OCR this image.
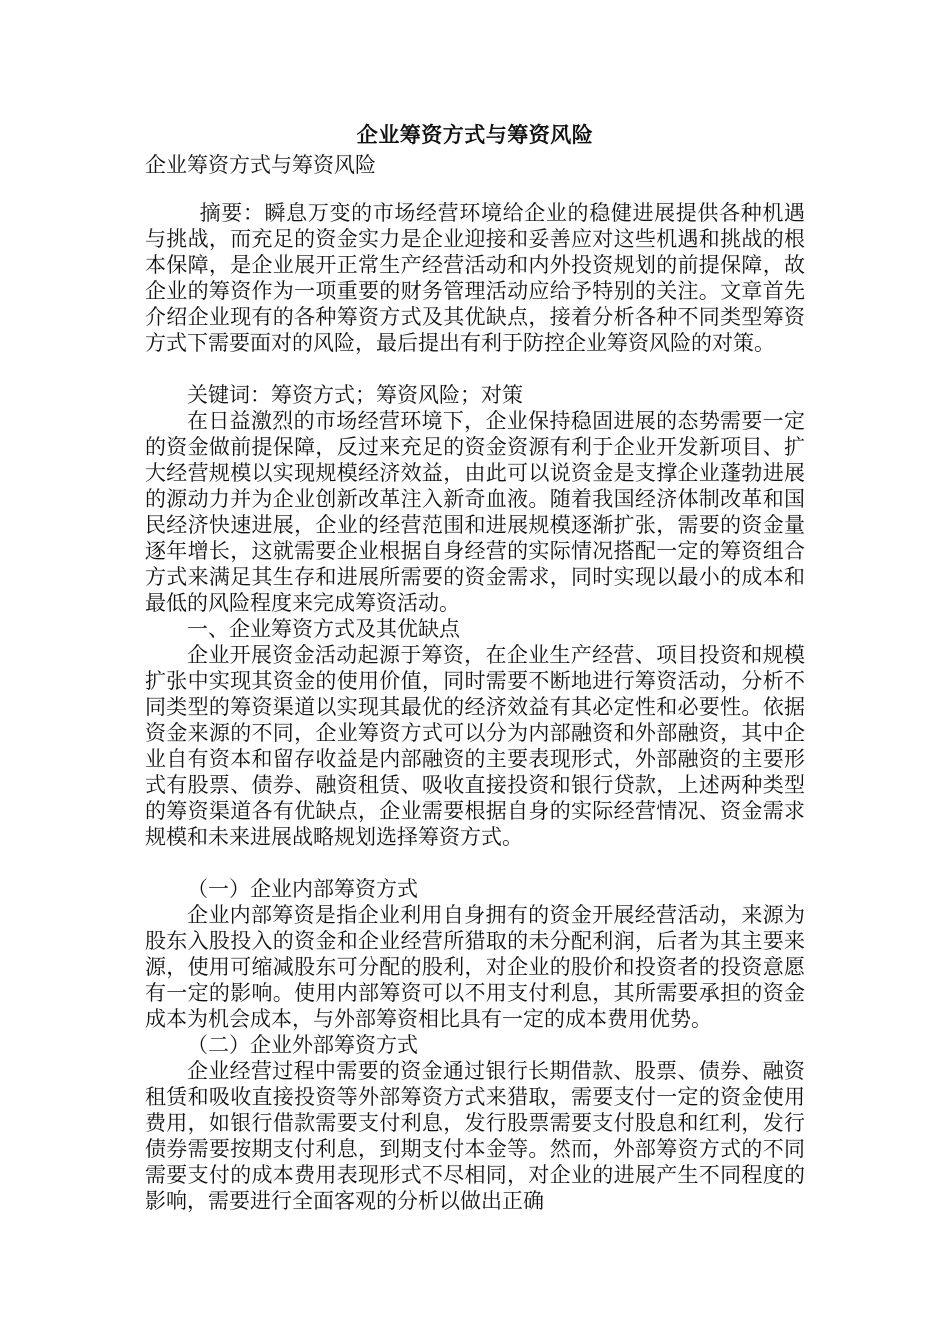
企业筹资方式与筹资风险
企业筹资方式与筹资风险

摘要：瞬息万变的市场经营环境给企业的稳健进展提供各种机遇与挑战，而充足的资金实力是企业迎接和妥善应对这些机遇和挑战的根本保障，是企业展开正常生产经营活动和内外投资规划的前提保障，故企业的筹资作为一项重要的财务管理活动应给予特别的关注。文章首先介绍企业现有的各种筹资方式及其优缺点，接着分析各种不同类型筹资方式下需要面对的风险，最后提出有利于防控企业筹资风险的对策。

关键词：筹资方式；筹资风险；对策

在日益激烈的市场经营环境下，企业保持稳固进展的态势需要一定的资金做前提保障，反过来充足的资金资源有利于企业开发新项目、扩大经营规模以实现规模经济效益，由此可以说资金是支撑企业蓬勃进展的源动力并为企业创新改革注入新奇血液。随着我国经济体制改革和国民经济快速进展，企业的经营范围和进展规模逐渐扩张，需要的资金量逐年增长，这就需要企业根据自身经营的实际情况搭配一定的筹资组合方式来满足其生存和进展所需要的资金需求，同时实现以最小的成本和最低的风险程度来完成筹资活动。

一、企业筹资方式及其优缺点

企业开展资金活动起源于筹资，在企业生产经营、项目投资和规模扩张中实现其资金的使用价值，同时需要不断地进行筹资活动，分析不同类型的筹资渠道以实现其最优的经济效益有其必定性和必要性。依据资金来源的不同，企业筹资方式可以分为内部融资和外部融资，其中企业自有资本和留存收益是内部融资的主要表现形式，外部融资的主要形式有股票、债券、融资租赁、吸收直接投资和银行贷款，上述两种类型的筹资渠道各有优缺点，企业需要根据自身的实际经营情况、资金需求规模和未来进展战略规划选择筹资方式。

（一）企业内部筹资方式

企业内部筹资是指企业利用自身拥有的资金开展经营活动，来源为股东入股投入的资金和企业经营所猎取的未分配利润，后者为其主要来源，使用可缩减股东可分配的股利，对企业的股价和投资者的投资意愿有一定的影响。使用内部筹资可以不用支付利息，其所需要承担的资金成本为机会成本，与外部筹资相比具有一定的成本费用优势。

（二）企业外部筹资方式

企业经营过程中需要的资金通过银行长期借款、股票、债券、融资租赁和吸收直接投资等外部筹资方式来猎取，需要支付一定的资金使用费用，如银行借款需要支付利息，发行股票需要支付股息和红利，发行债券需要按期支付利息，到期支付本金等。然而，外部筹资方式的不同需要支付的成本费用表现形式不尽相同，对企业的进展产生不同程度的影响，需要进行全面客观的分析以做出正确
